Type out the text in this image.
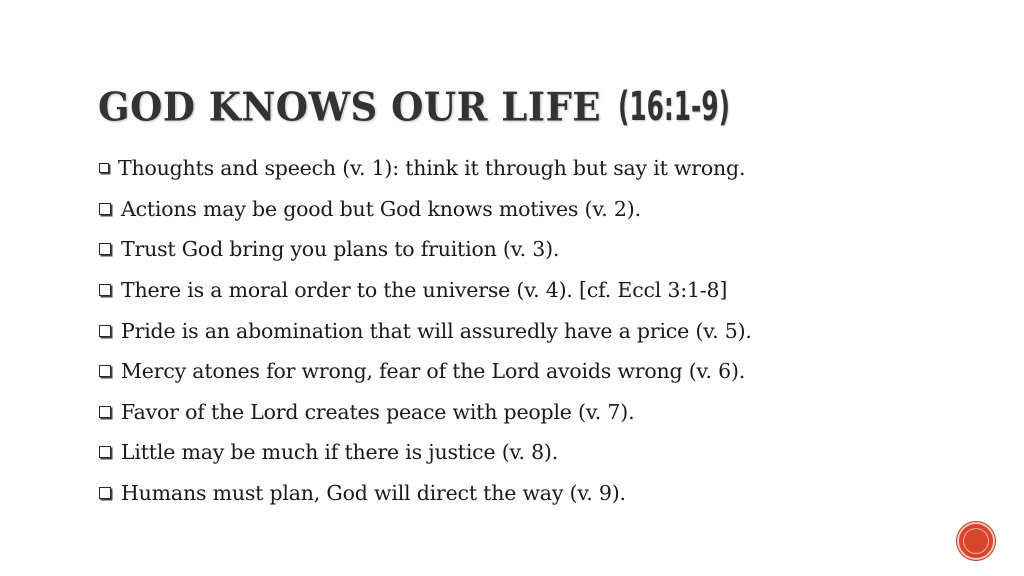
GOD KNOWS OUR LIFE (16:1-9)
Thoughts and speech (v. 1): think it through but say it wrong.
Actions may be good but God knows motives (v. 2).
Trust God bring you plans to fruition (v. 3).
There is a moral order to the universe (v. 4). [cf. Eccl 3:1-8]
Pride is an abomination that will assuredly have a price (v. 5).
Mercy atones for wrong, fear of the Lord avoids wrong (v. 6).
Favor of the Lord creates peace with people (v. 7).
Little may be much if there is justice (v. 8).
Humans must plan, God will direct the way (v. 9).
